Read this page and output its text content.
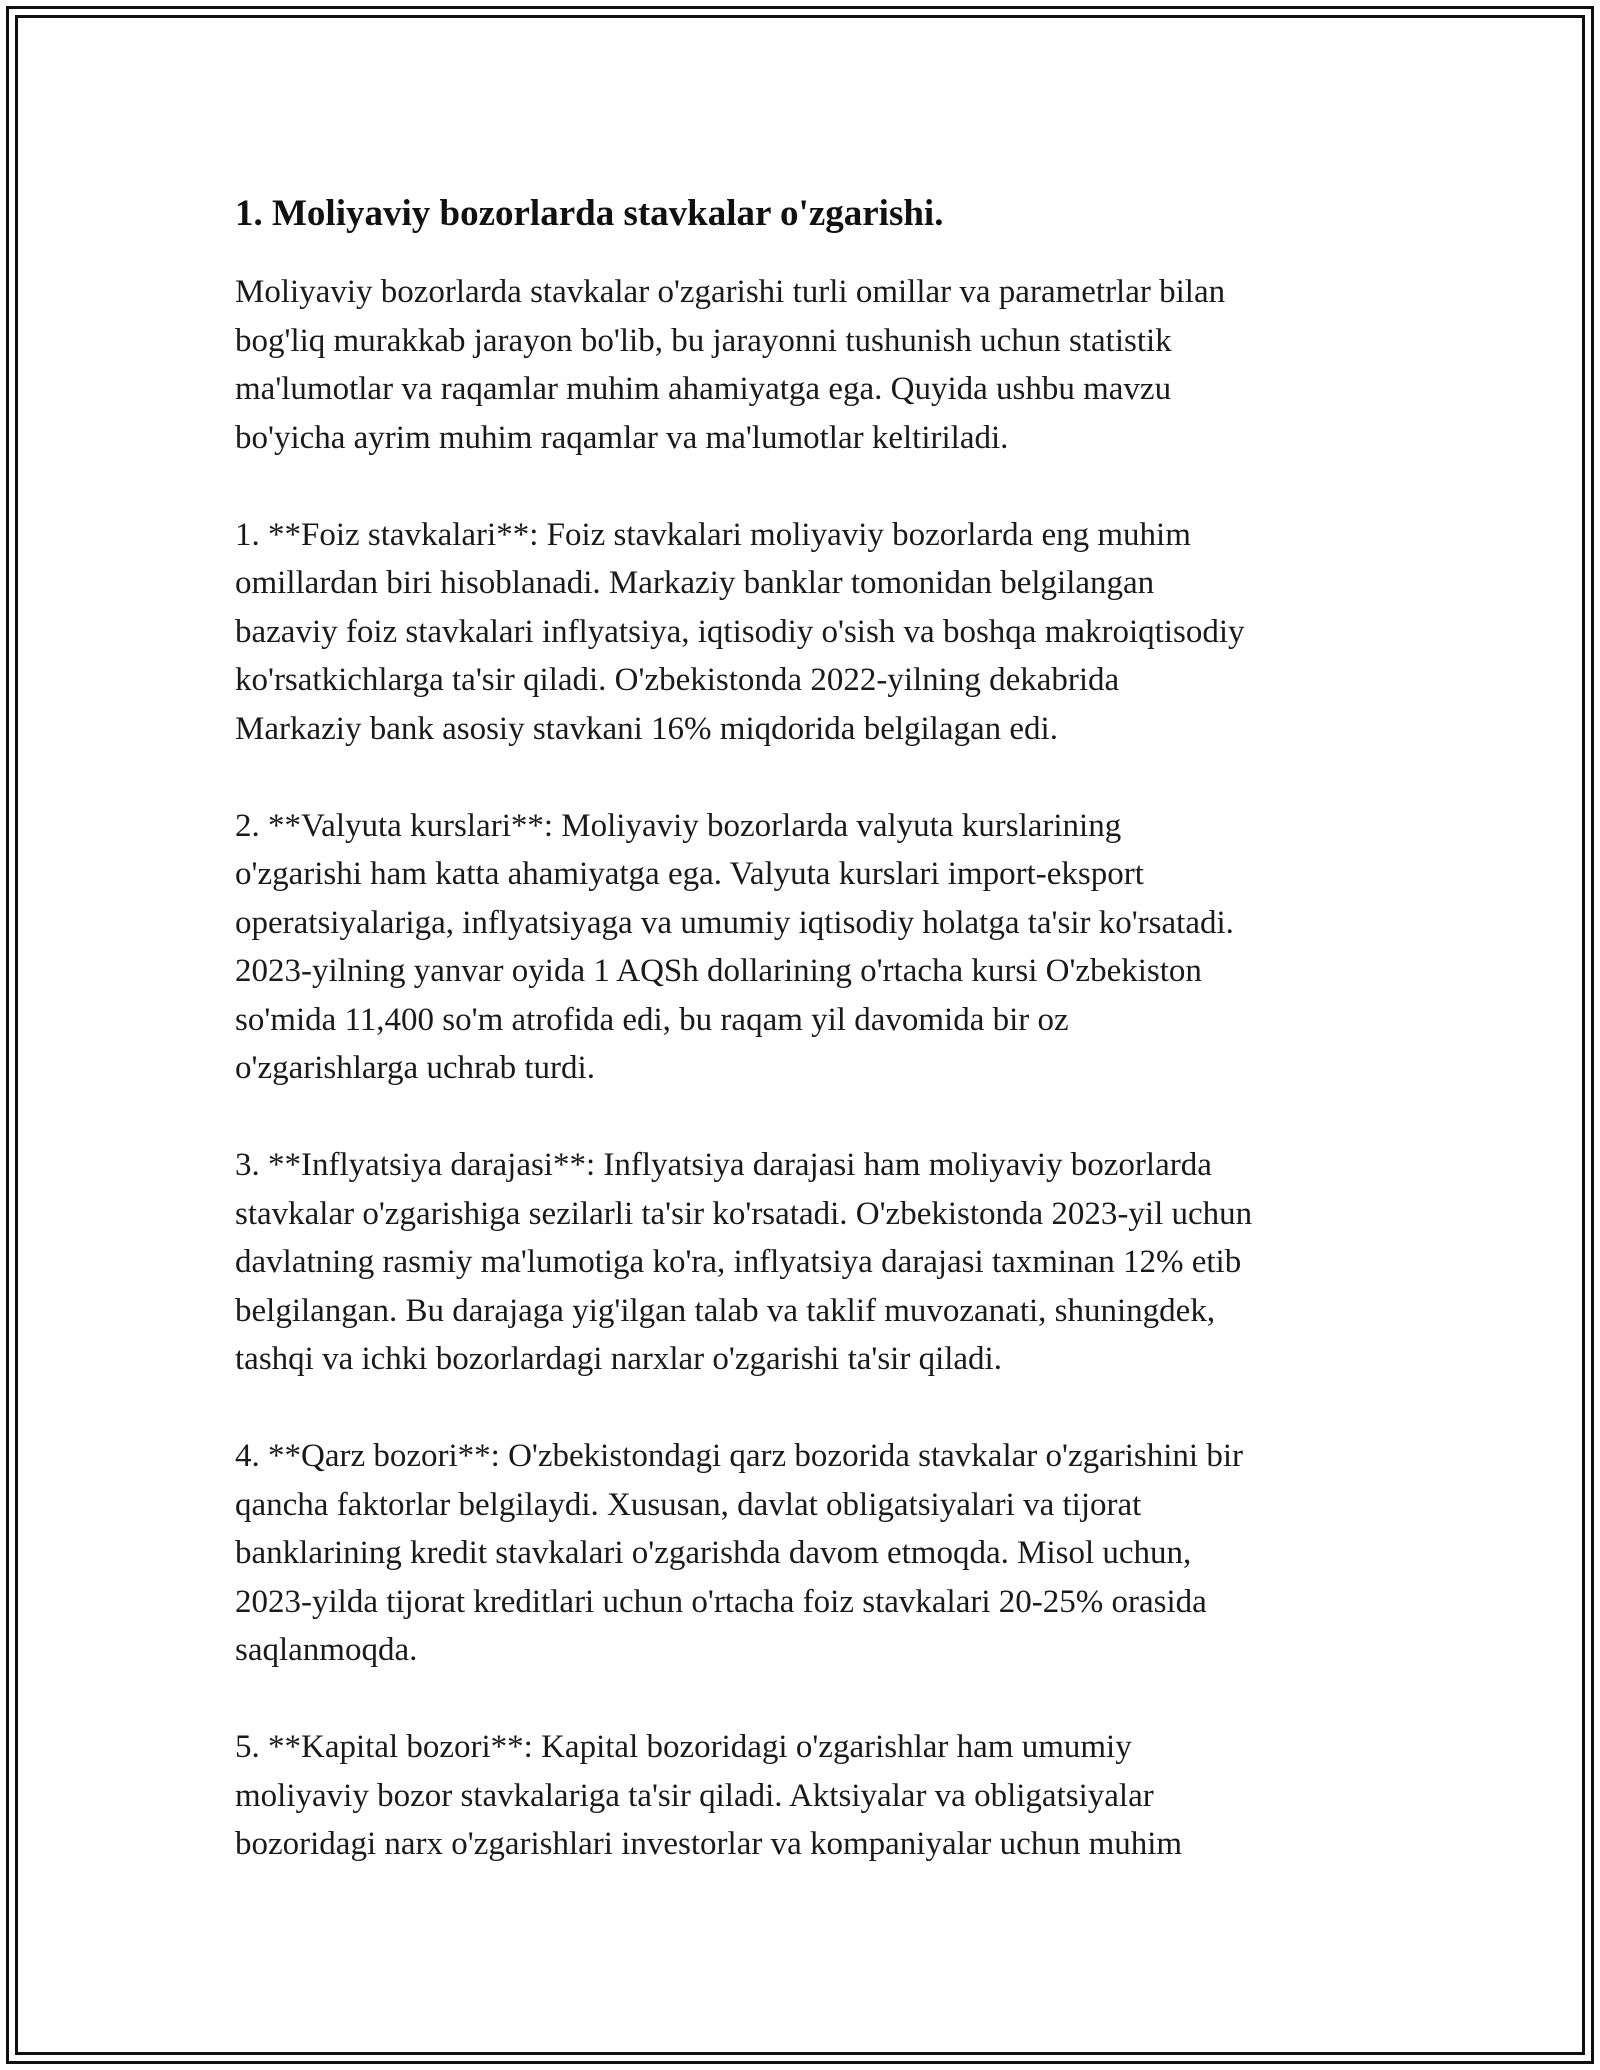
1. Moliyaviy bozorlarda stavkalar o'zgarishi.

Moliyaviy bozorlarda stavkalar o'zgarishi turli omillar va parametrlar bilan
bog'liq murakkab jarayon bo'lib, bu jarayonni tushunish uchun statistik
ma'lumotlar va raqamlar muhim ahamiyatga ega. Quyida ushbu mavzu
bo'yicha ayrim muhim raqamlar va ma'lumotlar keltiriladi.

1. **Foiz stavkalari**: Foiz stavkalari moliyaviy bozorlarda eng muhim
omillardan biri hisoblanadi. Markaziy banklar tomonidan belgilangan
bazaviy foiz stavkalari inflyatsiya, iqtisodiy o'sish va boshqa makroiqtisodiy
ko'rsatkichlarga ta'sir qiladi. O'zbekistonda 2022-yilning dekabrida
Markaziy bank asosiy stavkani 16% miqdorida belgilagan edi.

2. **Valyuta kurslari**: Moliyaviy bozorlarda valyuta kurslarining
o'zgarishi ham katta ahamiyatga ega. Valyuta kurslari import-eksport
operatsiyalariga, inflyatsiyaga va umumiy iqtisodiy holatga ta'sir ko'rsatadi.
2023-yilning yanvar oyida 1 AQSh dollarining o'rtacha kursi O'zbekiston
so'mida 11,400 so'm atrofida edi, bu raqam yil davomida bir oz
o'zgarishlarga uchrab turdi.

3. **Inflyatsiya darajasi**: Inflyatsiya darajasi ham moliyaviy bozorlarda
stavkalar o'zgarishiga sezilarli ta'sir ko'rsatadi. O'zbekistonda 2023-yil uchun
davlatning rasmiy ma'lumotiga ko'ra, inflyatsiya darajasi taxminan 12% etib
belgilangan. Bu darajaga yig'ilgan talab va taklif muvozanati, shuningdek,
tashqi va ichki bozorlardagi narxlar o'zgarishi ta'sir qiladi.

4. **Qarz bozori**: O'zbekistondagi qarz bozorida stavkalar o'zgarishini bir
qancha faktorlar belgilaydi. Xususan, davlat obligatsiyalari va tijorat
banklarining kredit stavkalari o'zgarishda davom etmoqda. Misol uchun,
2023-yilda tijorat kreditlari uchun o'rtacha foiz stavkalari 20-25% orasida
saqlanmoqda.

5. **Kapital bozori**: Kapital bozoridagi o'zgarishlar ham umumiy
moliyaviy bozor stavkalariga ta'sir qiladi. Aktsiyalar va obligatsiyalar
bozoridagi narx o'zgarishlari investorlar va kompaniyalar uchun muhim
